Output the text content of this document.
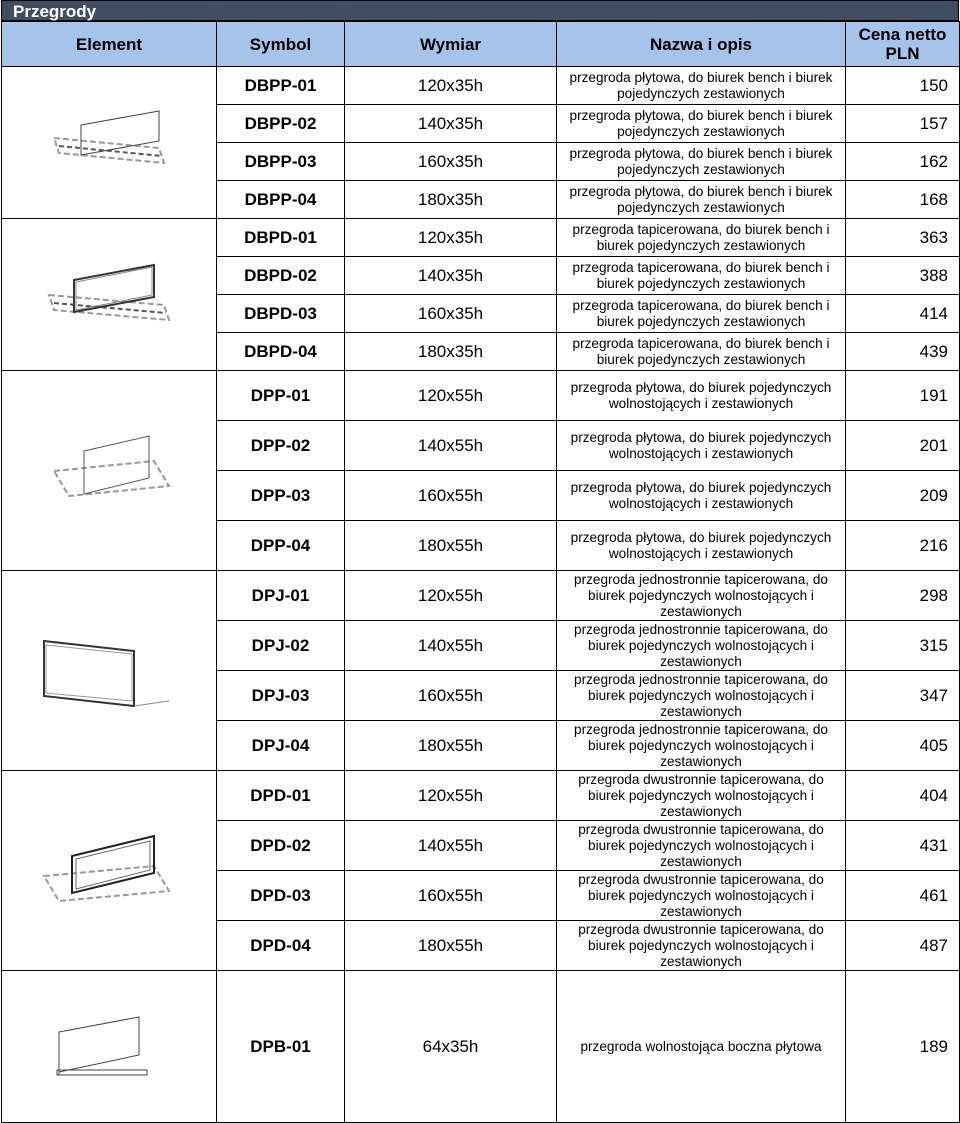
Przegrody
Element	Symbol	Wymiar	Nazwa i opis	Cena netto PLN

	DBPP-01	120x35h	przegroda płytowa, do biurek bench i biurek pojedynczych zestawionych	150
	DBPP-02	140x35h	przegroda płytowa, do biurek bench i biurek pojedynczych zestawionych	157
	DBPP-03	160x35h	przegroda płytowa, do biurek bench i biurek pojedynczych zestawionych	162
	DBPP-04	180x35h	przegroda płytowa, do biurek bench i biurek pojedynczych zestawionych	168

	DBPD-01	120x35h	przegroda tapicerowana, do biurek bench i biurek pojedynczych zestawionych	363
	DBPD-02	140x35h	przegroda tapicerowana, do biurek bench i biurek pojedynczych zestawionych	388
	DBPD-03	160x35h	przegroda tapicerowana, do biurek bench i biurek pojedynczych zestawionych	414
	DBPD-04	180x35h	przegroda tapicerowana, do biurek bench i biurek pojedynczych zestawionych	439

	DPP-01	120x55h	przegroda płytowa, do biurek pojedynczych wolnostojących i zestawionych	191
	DPP-02	140x55h	przegroda płytowa, do biurek pojedynczych wolnostojących i zestawionych	201
	DPP-03	160x55h	przegroda płytowa, do biurek pojedynczych wolnostojących i zestawionych	209
	DPP-04	180x55h	przegroda płytowa, do biurek pojedynczych wolnostojących i zestawionych	216

	DPJ-01	120x55h	przegroda jednostronnie tapicerowana, do biurek pojedynczych wolnostojących i zestawionych	298
	DPJ-02	140x55h	przegroda jednostronnie tapicerowana, do biurek pojedynczych wolnostojących i zestawionych	315
	DPJ-03	160x55h	przegroda jednostronnie tapicerowana, do biurek pojedynczych wolnostojących i zestawionych	347
	DPJ-04	180x55h	przegroda jednostronnie tapicerowana, do biurek pojedynczych wolnostojących i zestawionych	405

	DPD-01	120x55h	przegroda dwustronnie tapicerowana, do biurek pojedynczych wolnostojących i zestawionych	404
	DPD-02	140x55h	przegroda dwustronnie tapicerowana, do biurek pojedynczych wolnostojących i zestawionych	431
	DPD-03	160x55h	przegroda dwustronnie tapicerowana, do biurek pojedynczych wolnostojących i zestawionych	461
	DPD-04	180x55h	przegroda dwustronnie tapicerowana, do biurek pojedynczych wolnostojących i zestawionych	487

	DPB-01	64x35h	przegroda wolnostojąca boczna płytowa	189
